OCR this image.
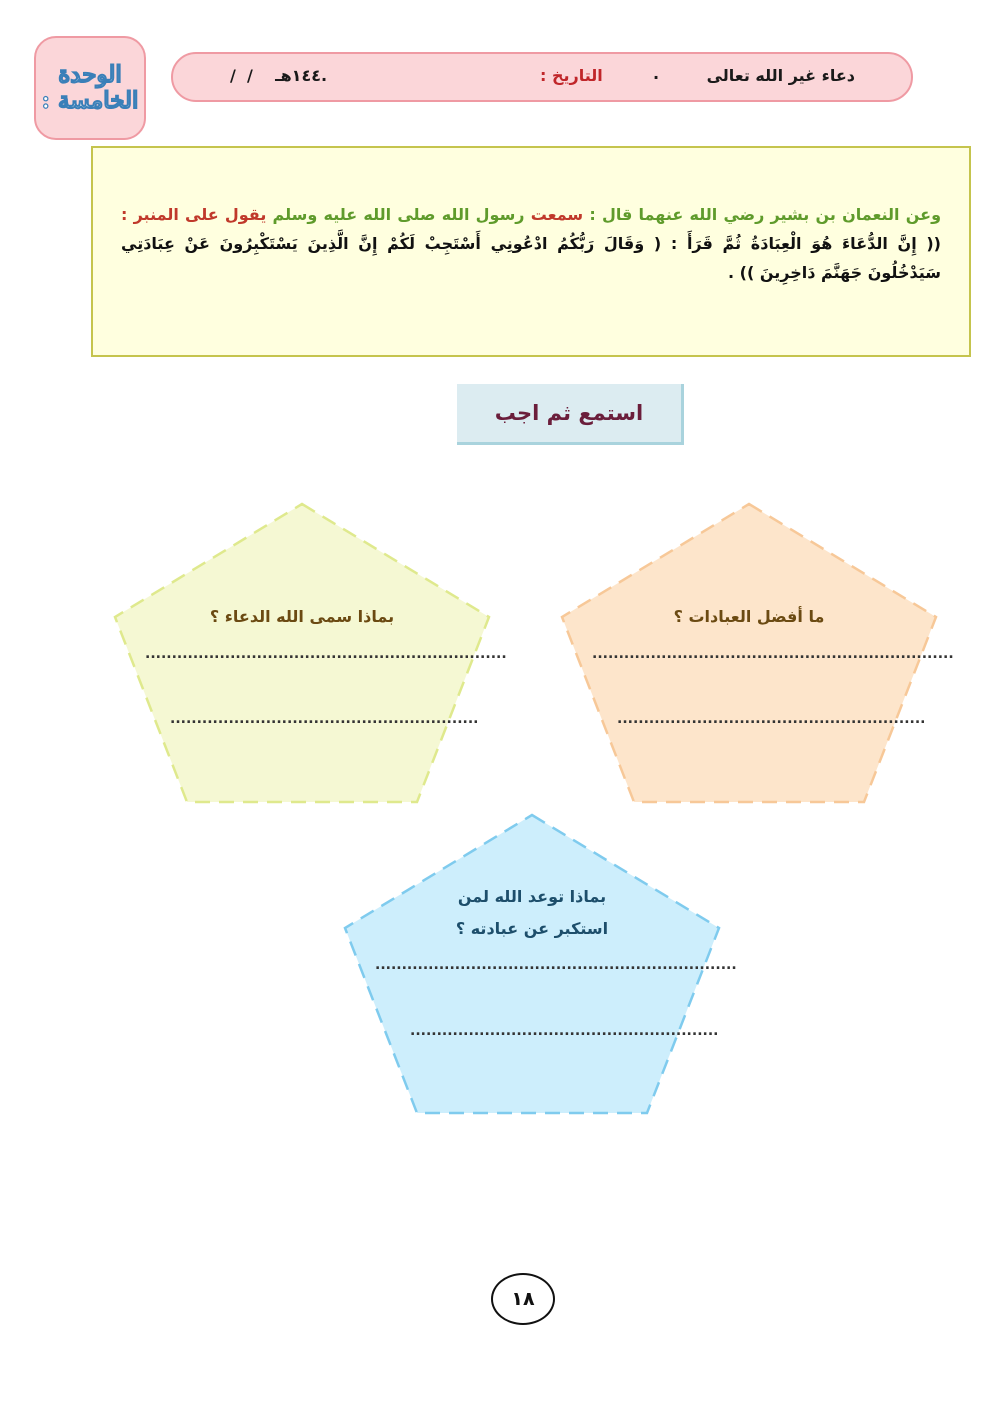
الوحدة
الخامسة :
دعاء غير الله تعالى
.
التاريخ :
/  /    ١٤٤هـ.
وعن النعمان بن بشير رضي الله عنهما قال : سمعت رسول الله صلى الله عليه وسلم يقول على المنبر : (( إِنَّ الدُّعَاءَ هُوَ الْعِبَادَةُ ثُمَّ قَرَأَ : ( وَقَالَ رَبُّكُمُ ادْعُونِي أَسْتَجِبْ لَكُمْ إِنَّ الَّذِينَ يَسْتَكْبِرُونَ عَنْ عِبَادَتِي سَيَدْخُلُونَ جَهَنَّمَ دَاخِرِينَ )) .
استمع ثم اجب
ما أفضل العبادات ؟
....................................................................
..........................................................
بماذا سمى الله الدعاء ؟
....................................................................
..........................................................
بماذا توعد الله لمن
استكبر عن عبادته ؟
....................................................................
..........................................................
١٨
